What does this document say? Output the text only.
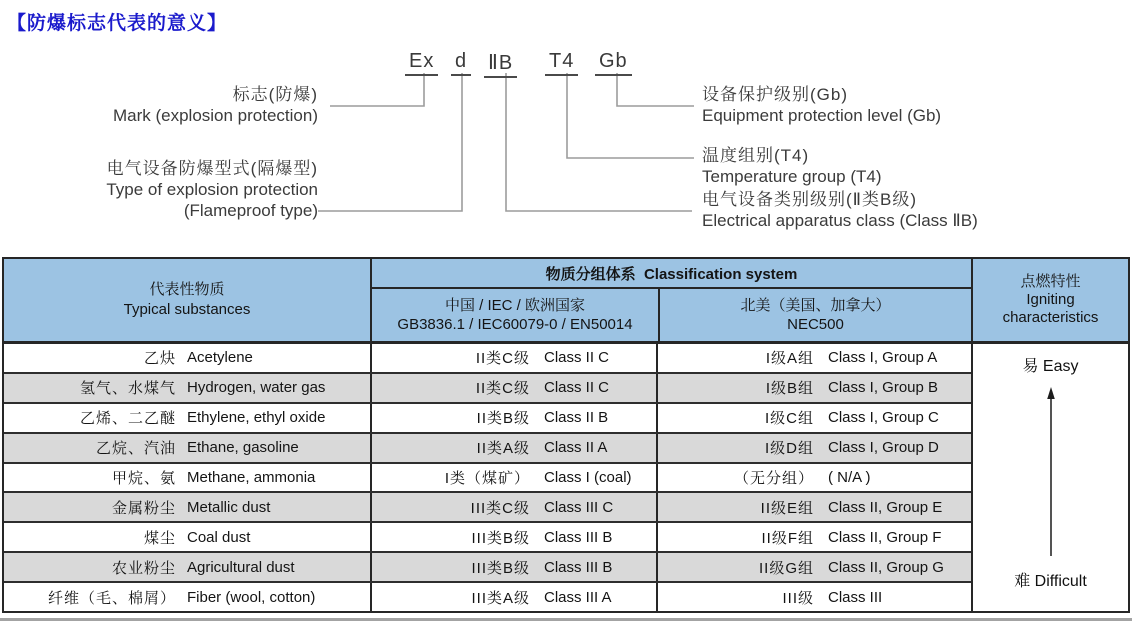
【防爆标志代表的意义】
Ex d ⅡB T4 Gb
标志(防爆)
Mark (explosion protection)
电气设备防爆型式(隔爆型)
Type of explosion protection
(Flameproof type)
设备保护级别(Gb)
Equipment protection level (Gb)
温度组别(T4)
Temperature group (T4)
电气设备类别级别(Ⅱ类B级)
Electrical apparatus class (Class ⅡB)
代表性物质
Typical substances
物质分组体系  Classification system
中国 / IEC / 欧洲国家
GB3836.1 / IEC60079-0 / EN50014
北美（美国、加拿大）
NEC500
点燃特性
Igniting
characteristics
乙炔 Acetylene	II类C级 Class II C	I级A组 Class I, Group A
氢气、水煤气 Hydrogen, water gas	II类C级 Class II C	I级B组 Class I, Group B
乙烯、二乙醚 Ethylene, ethyl oxide	II类B级 Class II B	I级C组 Class I, Group C
乙烷、汽油 Ethane, gasoline	II类A级 Class II A	I级D组 Class I, Group D
甲烷、氨 Methane, ammonia	I类（煤矿） Class I (coal)	（无分组） ( N/A )
金属粉尘 Metallic dust	III类C级 Class III C	II级E组 Class II, Group E
煤尘 Coal dust	III类B级 Class III B	II级F组 Class II, Group F
农业粉尘 Agricultural dust	III类B级 Class III B	II级G组 Class II, Group G
纤维（毛、棉屑） Fiber (wool, cotton)	III类A级 Class III A	III级 Class III
易 Easy
难 Difficult
